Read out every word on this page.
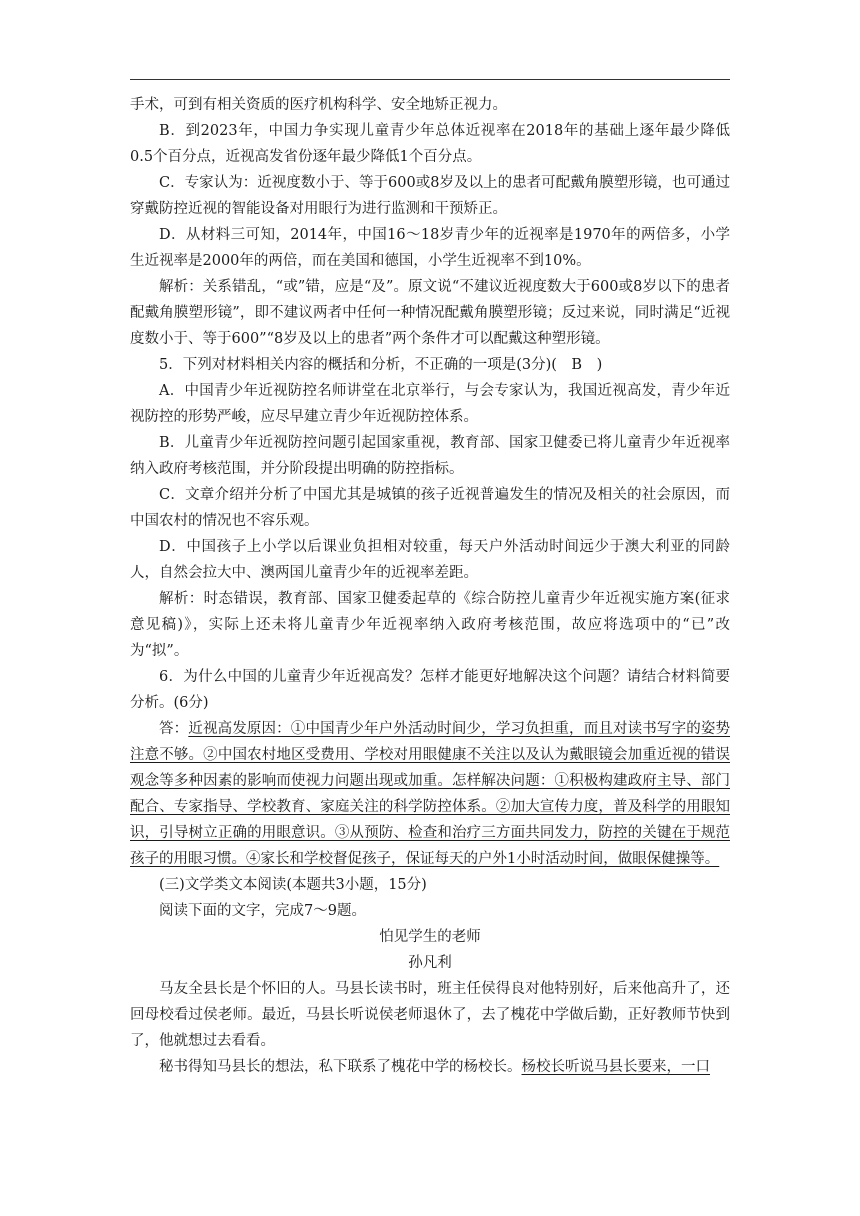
手术，可到有相关资质的医疗机构科学、安全地矫正视力。

B．到2023年，中国力争实现儿童青少年总体近视率在2018年的基础上逐年最少降低0.5个百分点，近视高发省份逐年最少降低1个百分点。

C．专家认为：近视度数小于、等于600或8岁及以上的患者可配戴角膜塑形镜，也可通过穿戴防控近视的智能设备对用眼行为进行监测和干预矫正。

D．从材料三可知，2014年，中国16～18岁青少年的近视率是1970年的两倍多，小学生近视率是2000年的两倍，而在美国和德国，小学生近视率不到10%。

解析：关系错乱，“或”错，应是“及”。原文说“不建议近视度数大于600或8岁以下的患者配戴角膜塑形镜”，即不建议两者中任何一种情况配戴角膜塑形镜；反过来说，同时满足“近视度数小于、等于600”“8岁及以上的患者”两个条件才可以配戴这种塑形镜。

5．下列对材料相关内容的概括和分析，不正确的一项是(3分)(　B　)

A．中国青少年近视防控名师讲堂在北京举行，与会专家认为，我国近视高发，青少年近视防控的形势严峻，应尽早建立青少年近视防控体系。

B．儿童青少年近视防控问题引起国家重视，教育部、国家卫健委已将儿童青少年近视率纳入政府考核范围，并分阶段提出明确的防控指标。

C．文章介绍并分析了中国尤其是城镇的孩子近视普遍发生的情况及相关的社会原因，而中国农村的情况也不容乐观。

D．中国孩子上小学以后课业负担相对较重，每天户外活动时间远少于澳大利亚的同龄人，自然会拉大中、澳两国儿童青少年的近视率差距。

解析：时态错误，教育部、国家卫健委起草的《综合防控儿童青少年近视实施方案(征求意见稿)》，实际上还未将儿童青少年近视率纳入政府考核范围，故应将选项中的“已”改为“拟”。

6．为什么中国的儿童青少年近视高发？怎样才能更好地解决这个问题？请结合材料简要分析。(6分)

答：近视高发原因：①中国青少年户外活动时间少，学习负担重，而且对读书写字的姿势注意不够。②中国农村地区受费用、学校对用眼健康不关注以及认为戴眼镜会加重近视的错误观念等多种因素的影响而使视力问题出现或加重。怎样解决问题：①积极构建政府主导、部门配合、专家指导、学校教育、家庭关注的科学防控体系。②加大宣传力度，普及科学的用眼知识，引导树立正确的用眼意识。③从预防、检查和治疗三方面共同发力，防控的关键在于规范孩子的用眼习惯。④家长和学校督促孩子，保证每天的户外1小时活动时间，做眼保健操等。

(三)文学类文本阅读(本题共3小题，15分)

阅读下面的文字，完成7～9题。

怕见学生的老师

孙凡利

马友全县长是个怀旧的人。马县长读书时，班主任侯得良对他特别好，后来他高升了，还回母校看过侯老师。最近，马县长听说侯老师退休了，去了槐花中学做后勤，正好教师节快到了，他就想过去看看。

秘书得知马县长的想法，私下联系了槐花中学的杨校长。杨校长听说马县长要来，一口
